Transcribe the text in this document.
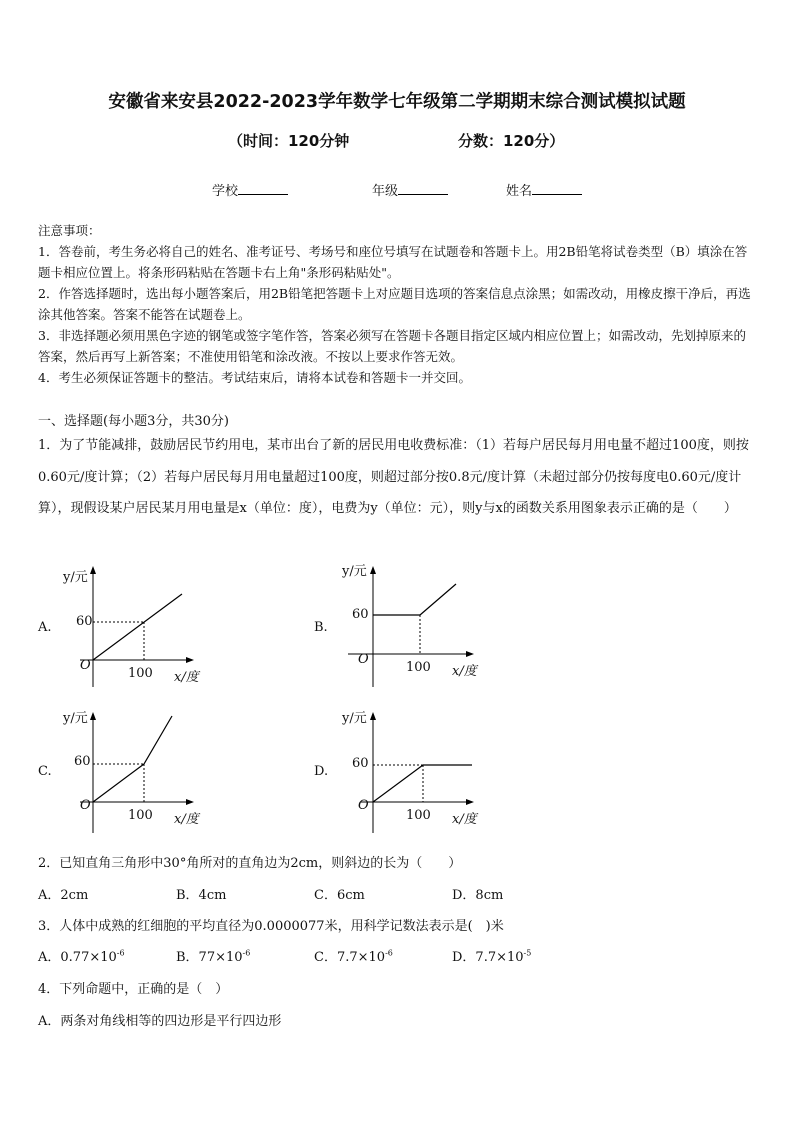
安徽省来安县2022-2023学年数学七年级第二学期期末综合测试模拟试题
（时间：120分钟	分数：120分）
学校	年级	姓名

注意事项：

1．答卷前，考生务必将自己的姓名、准考证号、考场号和座位号填写在试题卷和答题卡上。用2B铅笔将试卷类型（B）填涂在答题卡相应位置上。将条形码粘贴在答题卡右上角"条形码粘贴处"。

2．作答选择题时，选出每小题答案后，用2B铅笔把答题卡上对应题目选项的答案信息点涂黑；如需改动，用橡皮擦干净后，再选涂其他答案。答案不能答在试题卷上。

3．非选择题必须用黑色字迹的钢笔或签字笔作答，答案必须写在答题卡各题目指定区域内相应位置上；如需改动，先划掉原来的答案，然后再写上新答案；不准使用铅笔和涂改液。不按以上要求作答无效。

4．考生必须保证答题卡的整洁。考试结束后，请将本试卷和答题卡一并交回。

一、选择题(每小题3分，共30分)
1．为了节能减排，鼓励居民节约用电，某市出台了新的居民用电收费标准：（1）若每户居民每月用电量不超过100度，则按0.60元/度计算；（2）若每户居民每月用电量超过100度，则超过部分按0.8元/度计算（未超过部分仍按每度电0.60元/度计算），现假设某户居民某月用电量是x（单位：度），电费为y（单位：元），则y与x的函数关系用图象表示正确的是（　　）
A.
y/元
60
O
100 x/度
B.
y/元
60
O
100 x/度
C.
y/元
60
O
100 x/度
D.
y/元
60
O
100 x/度
2．已知直角三角形中30°角所对的直角边为2cm，则斜边的长为（　　）
A．2cm	B．4cm	C．6cm	D．8cm
3．人体中成熟的红细胞的平均直径为0.0000077米，用科学记数法表示是(　)米
A．$0.77\times 10^{-6}$	B．$77\times 10^{-6}$	C．$7.7\times 10^{-6}$	D．$7.7\times 10^{-5}$
4．下列命题中，正确的是（　）
A．两条对角线相等的四边形是平行四边形
